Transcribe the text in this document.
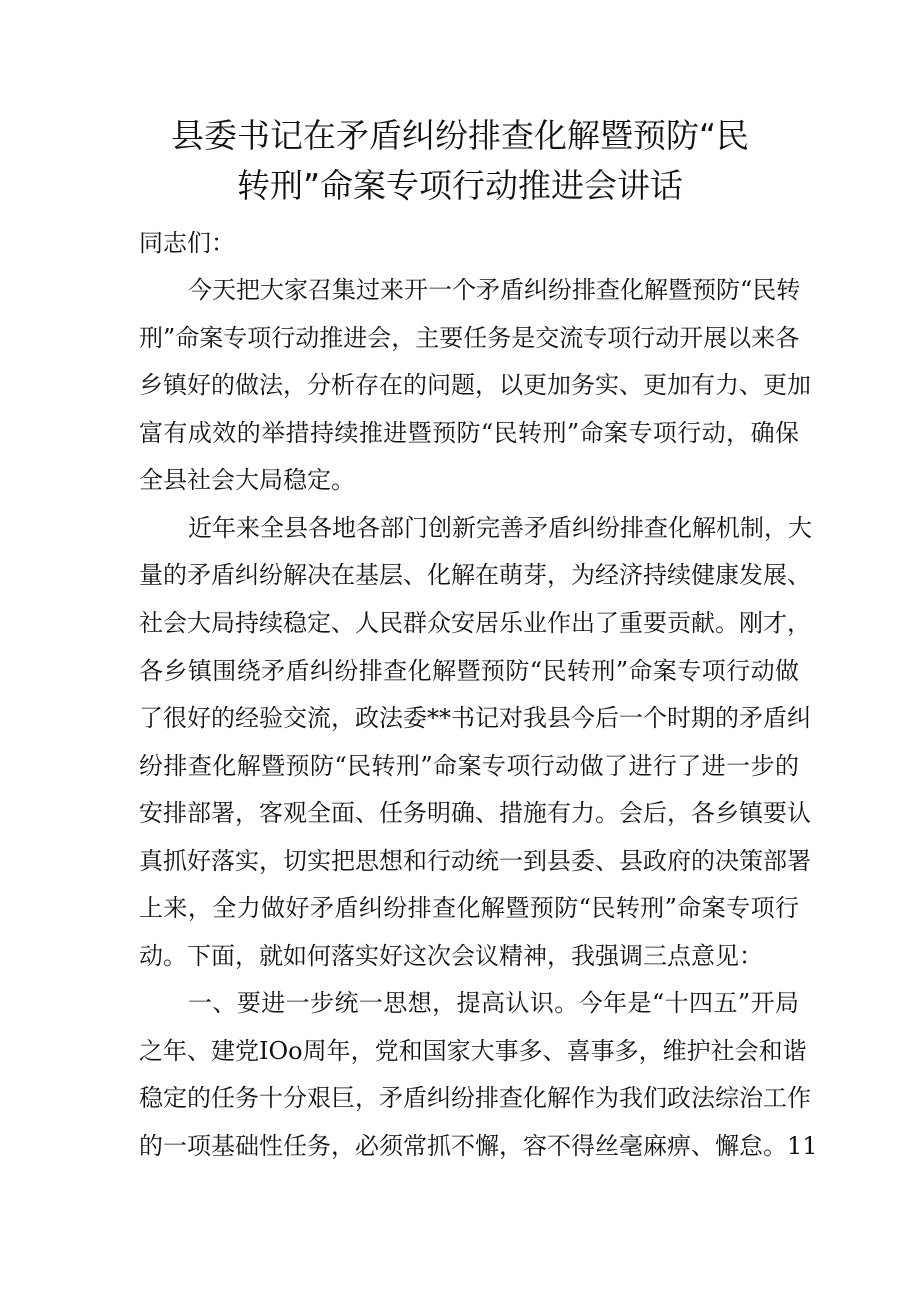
县委书记在矛盾纠纷排查化解暨预防“民
转刑”命案专项行动推进会讲话
同志们：
今天把大家召集过来开一个矛盾纠纷排查化解暨预防“民转
刑”命案专项行动推进会，主要任务是交流专项行动开展以来各
乡镇好的做法，分析存在的问题，以更加务实、更加有力、更加
富有成效的举措持续推进暨预防“民转刑”命案专项行动，确保
全县社会大局稳定。
近年来全县各地各部门创新完善矛盾纠纷排查化解机制，大
量的矛盾纠纷解决在基层、化解在萌芽，为经济持续健康发展、
社会大局持续稳定、人民群众安居乐业作出了重要贡献。刚才，
各乡镇围绕矛盾纠纷排查化解暨预防“民转刑”命案专项行动做
了很好的经验交流，政法委**书记对我县今后一个时期的矛盾纠
纷排查化解暨预防“民转刑”命案专项行动做了进行了进一步的
安排部署，客观全面、任务明确、措施有力。会后，各乡镇要认
真抓好落实，切实把思想和行动统一到县委、县政府的决策部署
上来，全力做好矛盾纠纷排查化解暨预防“民转刑”命案专项行
动。下面，就如何落实好这次会议精神，我强调三点意见：
一、要进一步统一思想，提高认识。今年是“十四五”开局
之年、建党IOo周年，党和国家大事多、喜事多，维护社会和谐
稳定的任务十分艰巨，矛盾纠纷排查化解作为我们政法综治工作
的一项基础性任务，必须常抓不懈，容不得丝毫麻痹、懈怠。11
